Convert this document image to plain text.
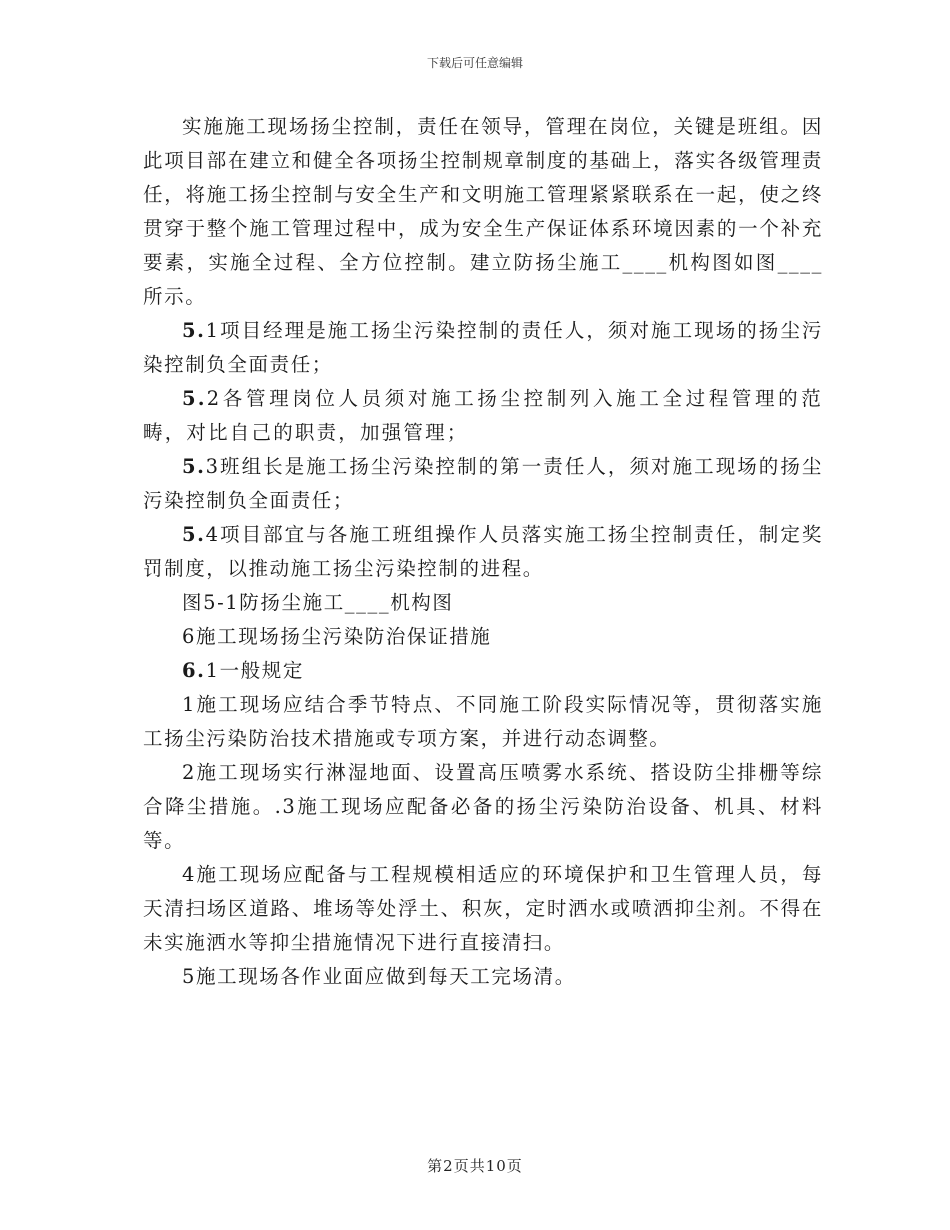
下载后可任意编辑

实施施工现场扬尘控制，责任在领导，管理在岗位，关键是班组。因此项目部在建立和健全各项扬尘控制规章制度的基础上，落实各级管理责任，将施工扬尘控制与安全生产和文明施工管理紧紧联系在一起，使之终贯穿于整个施工管理过程中，成为安全生产保证体系环境因素的一个补充要素，实施全过程、全方位控制。建立防扬尘施工____机构图如图____所示。

5.1项目经理是施工扬尘污染控制的责任人，须对施工现场的扬尘污染控制负全面责任；

5.2各管理岗位人员须对施工扬尘控制列入施工全过程管理的范畴，对比自己的职责，加强管理；

5.3班组长是施工扬尘污染控制的第一责任人，须对施工现场的扬尘污染控制负全面责任；

5.4项目部宜与各施工班组操作人员落实施工扬尘控制责任，制定奖罚制度，以推动施工扬尘污染控制的进程。

图5-1防扬尘施工____机构图

6施工现场扬尘污染防治保证措施

6.1一般规定

1施工现场应结合季节特点、不同施工阶段实际情况等，贯彻落实施工扬尘污染防治技术措施或专项方案，并进行动态调整。

2施工现场实行淋湿地面、设置高压喷雾水系统、搭设防尘排栅等综合降尘措施。.3施工现场应配备必备的扬尘污染防治设备、机具、材料等。

4施工现场应配备与工程规模相适应的环境保护和卫生管理人员，每天清扫场区道路、堆场等处浮土、积灰，定时洒水或喷洒抑尘剂。不得在未实施洒水等抑尘措施情况下进行直接清扫。

5施工现场各作业面应做到每天工完场清。

第2页共10页
